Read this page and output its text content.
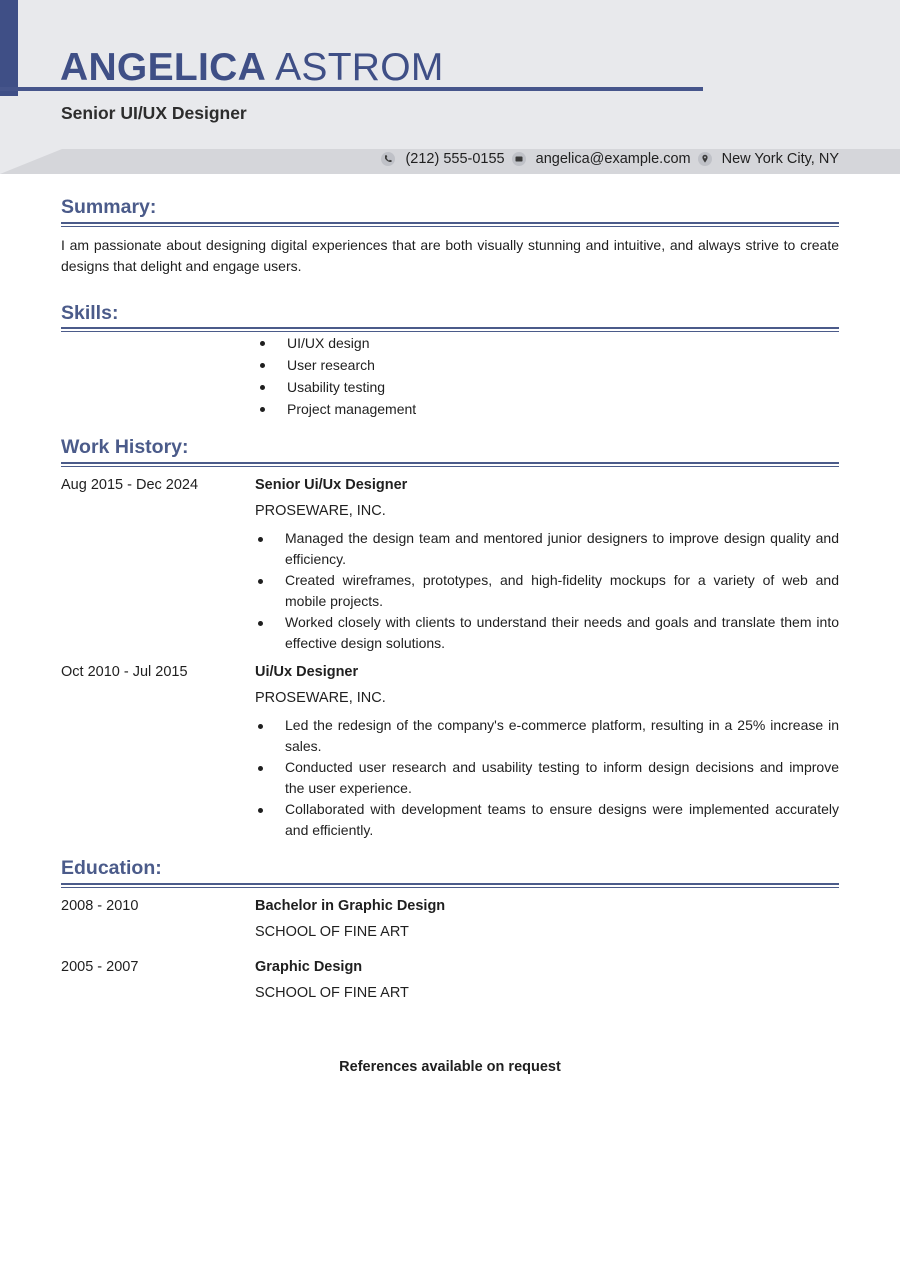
ANGELICA ASTROM
Senior UI/UX Designer
(212) 555-0155 angelica@example.com New York City, NY
Summary:
I am passionate about designing digital experiences that are both visually stunning and intuitive, and always strive to create designs that delight and engage users.
Skills:
UI/UX design
User research
Usability testing
Project management
Work History:
Aug 2015 - Dec 2024	Senior Ui/Ux Designer
PROSEWARE, INC.
Managed the design team and mentored junior designers to improve design quality and efficiency.
Created wireframes, prototypes, and high-fidelity mockups for a variety of web and mobile projects.
Worked closely with clients to understand their needs and goals and translate them into effective design solutions.
Oct 2010 - Jul 2015	Ui/Ux Designer
PROSEWARE, INC.
Led the redesign of the company's e-commerce platform, resulting in a 25% increase in sales.
Conducted user research and usability testing to inform design decisions and improve the user experience.
Collaborated with development teams to ensure designs were implemented accurately and efficiently.
Education:
2008 - 2010	Bachelor in Graphic Design
SCHOOL OF FINE ART
2005 - 2007	Graphic Design
SCHOOL OF FINE ART
References available on request
